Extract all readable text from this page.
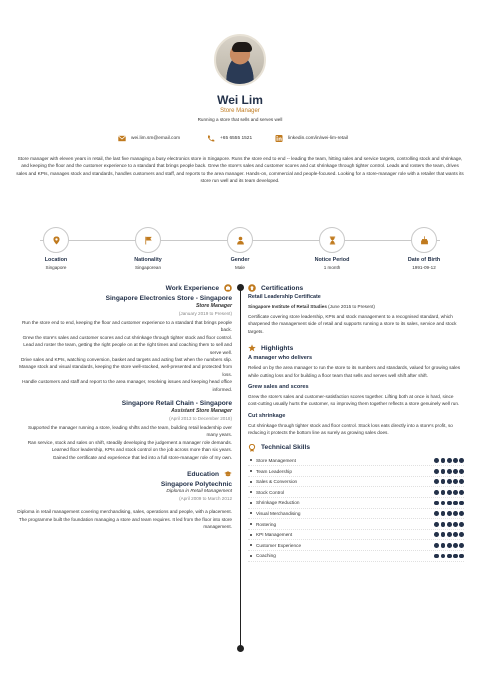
Wei Lim
Store Manager
Running a store that sells and serves well
wei.lim.sm@email.com	+65 6555 1521	linkedin.com/in/wei-lim-retail
Store manager with eleven years in retail, the last five managing a busy electronics store in Singapore. Runs the store end to end -- leading the team, hitting sales and service targets, controlling stock and shrinkage, and keeping the floor and the customer experience to a standard that brings people back. Grew the store's sales and customer scores and cut shrinkage through tighter control. Leads and rosters the team, drives sales and KPIs, manages stock and standards, handles customers and staff, and reports to the area manager. Hands-on, commercial and people-focused. Looking for a store-manager role with a retailer that wants its store run well and its team developed.
Location
Singapore
Nationality
Singaporean
Gender
Male
Notice Period
1 month
Date of Birth
1991-09-12
Work Experience
Singapore Electronics Store - Singapore
Store Manager
(January 2019 to Present)

Run the store end to end, keeping the floor and customer experience to a standard that brings people back.

Grew the store's sales and customer scores and cut shrinkage through tighter stock and floor control.

Lead and roster the team, getting the right people on at the right times and coaching them to sell and serve well.

Drive sales and KPIs, watching conversion, basket and targets and acting fast when the numbers slip.

Manage stock and visual standards, keeping the store well-stocked, well-presented and protected from loss.

Handle customers and staff and report to the area manager, resolving issues and keeping head office informed.

Singapore Retail Chain - Singapore
Assistant Store Manager
(April 2013 to December 2018)

Supported the manager running a store, leading shifts and the team, building retail leadership over many years.

Ran service, stock and sales on shift, steadily developing the judgement a manager role demands.

Learned floor leadership, KPIs and stock control on the job across more than six years.

Gained the certificate and experience that led into a full store-manager role of my own.

Education
Singapore Polytechnic
Diploma in Retail Management
(April 2009 to March 2012
Diploma in retail management covering merchandising, sales, operations and people, with a placement. The programme built the foundation managing a store and team requires. It led from the floor into store management.
Certifications
Retail Leadership Certificate
Singapore Institute of Retail Studies (June 2015 to Present)
Certificate covering store leadership, KPIs and stock management to a recognised standard, which sharpened the management side of retail and supports running a store to its sales, service and stock targets.
Highlights
A manager who delivers
Relied on by the area manager to run the store to its numbers and standards, valued for growing sales while cutting loss and for building a floor team that sells and serves well shift after shift.
Grew sales and scores
Grew the store's sales and customer-satisfaction scores together. Lifting both at once is hard, since cost-cutting usually hurts the customer, so improving them together reflects a store genuinely well run.
Cut shrinkage
Cut shrinkage through tighter stock and floor control. Stock loss eats directly into a store's profit, so reducing it protects the bottom line as surely as growing sales does.
Technical Skills
Store Management
Team Leadership
Sales & Conversion
Stock Control
Shrinkage Reduction
Visual Merchandising
Rostering
KPI Management
Customer Experience
Coaching
